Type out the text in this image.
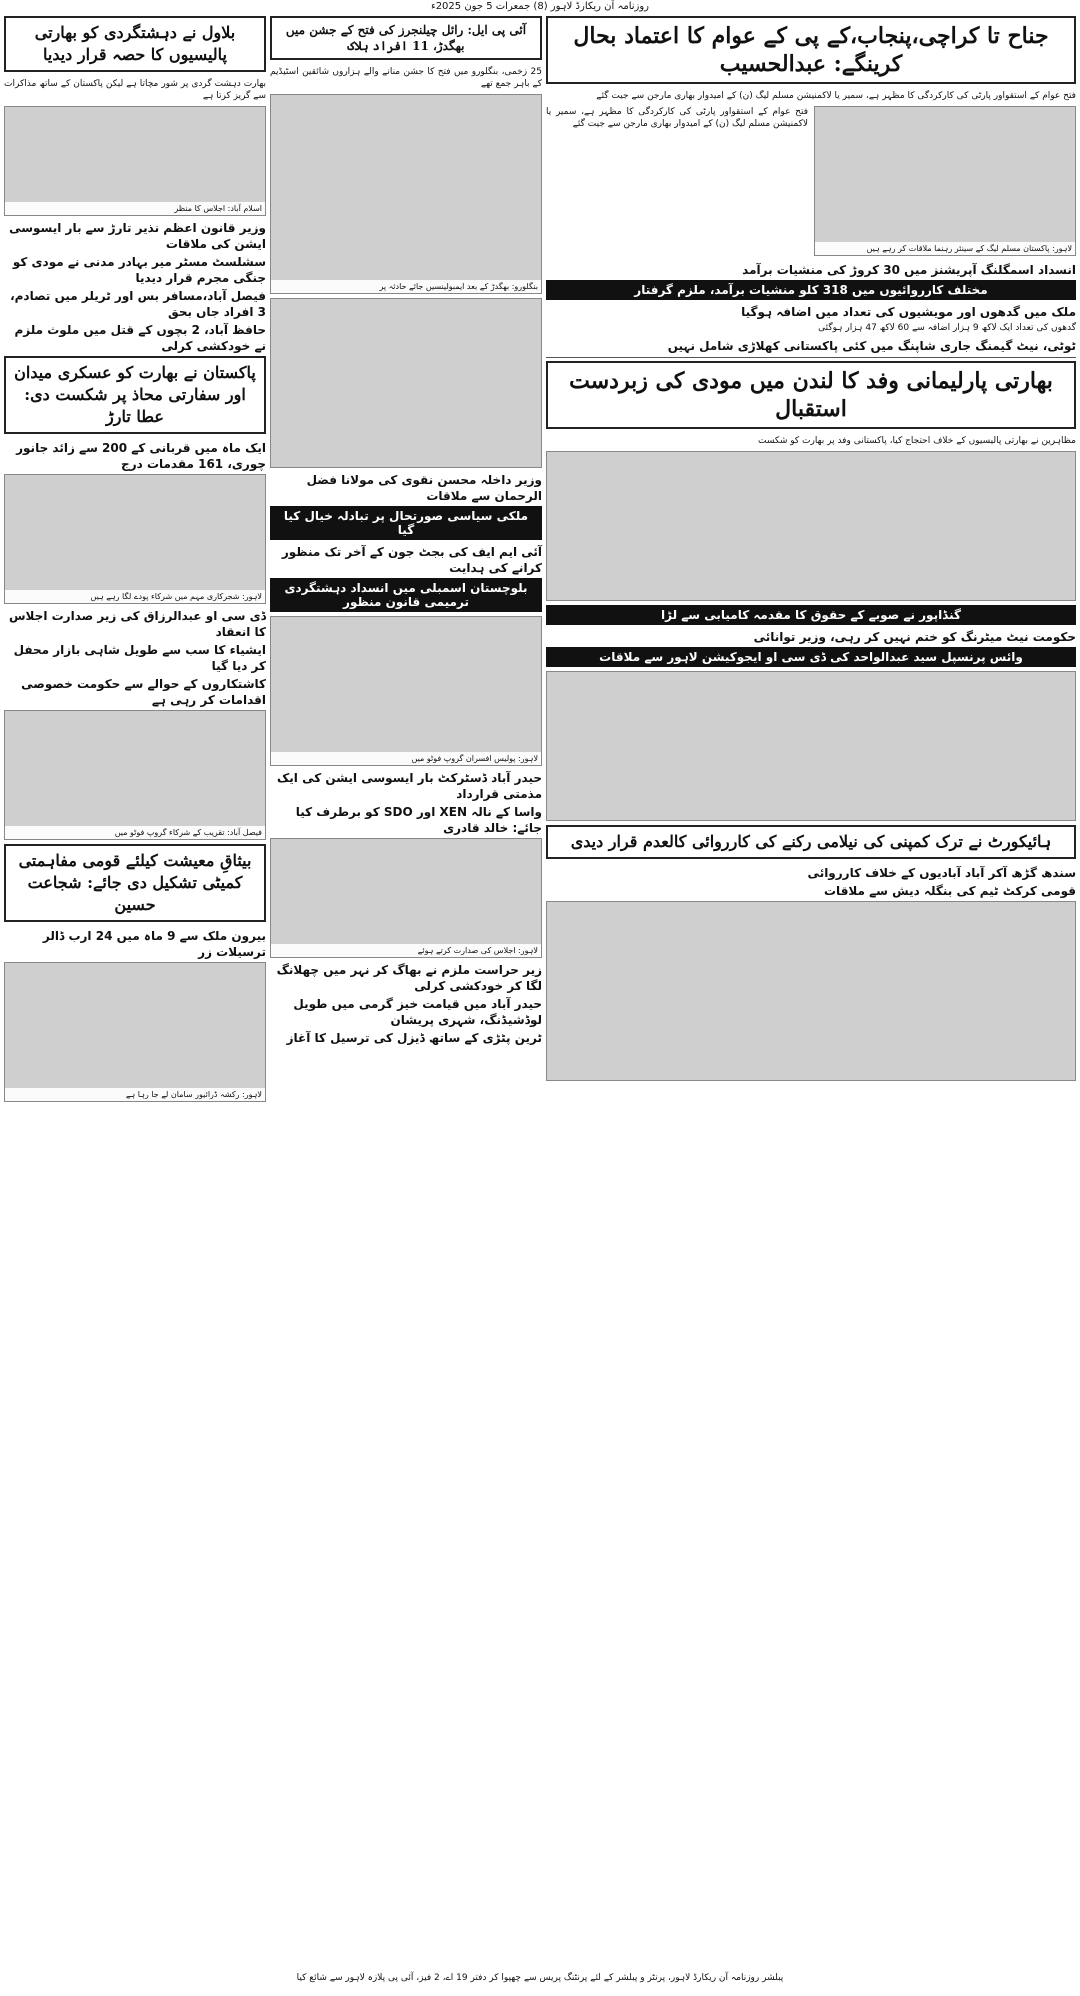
روزنامہ آن ریکارڈ لاہور (8) جمعرات 5 جون 2025ء
جناح تا کراچی،پنجاب،کے پی کے عوام کا اعتماد بحال کرینگے: عبدالحسیب
فتح عوام کے استقواور پارٹی کی کارکردگی کا مظہر ہے، سمیر یا لاکمنیشن مسلم لیگ (ن) کے امیدوار بھاری مارجن سے جیت گئے
لاہور: پاکستان مسلم لیگ کے سینئر رہنما ملاقات کر رہے ہیں
فتح عوام کے استقواور پارٹی کی کارکردگی کا مظہر ہے، سمیر یا لاکمنیشن مسلم لیگ (ن) کے امیدوار بھاری مارجن سے جیت گئے
انسداد اسمگلنگ آپریشنز میں 30 کروڑ کی منشیات برآمد
مختلف کارروائیوں میں 318 کلو منشیات برآمد، ملزم گرفتار
ملک میں گدھوں اور مویشیوں کی تعداد میں اضافہ ہوگیا
گدھوں کی تعداد ایک لاکھ 9 ہزار اضافہ سے 60 لاکھ 47 ہزار ہوگئی
ٹوٹی، نیٹ گیمنگ جاری شاپنگ میں کئی پاکستانی کھلاڑی شامل نہیں
بھارتی پارلیمانی وفد کا لندن میں مودی کی زبردست استقبال
مظاہرین نے بھارتی پالیسیوں کے خلاف احتجاج کیا، پاکستانی وفد پر بھارت کو شکست
گنڈاپور نے صوبے کے حقوق کا مقدمہ کامیابی سے لڑا
حکومت نیٹ میٹرنگ کو ختم نہیں کر رہی، وزیر توانائی
وائس پرنسپل سید عبدالواحد کی ڈی سی او ایجوکیشن لاہور سے ملاقات
ہائیکورٹ نے ترک کمپنی کی نیلامی رکنے کی کارروائی کالعدم قرار دیدی
سندھ گڑھ آکر آباد آبادیوں کے خلاف کارروائی
قومی کرکٹ ٹیم کی بنگلہ دیش سے ملاقات
آئی پی ایل: رائل چیلنجرز کی فتح کے جشن میں بھگدڑ، 11 افراد ہلاک
25 زخمی، بنگلورو میں فتح کا جشن منانے والے ہزاروں شائقین اسٹیڈیم کے باہر جمع تھے
بنگلورو: بھگدڑ کے بعد ایمبولینسیں جائے حادثہ پر
وزیر داخلہ محسن نقوی کی مولانا فضل الرحمان سے ملاقات
ملکی سیاسی صورتحال پر تبادلہ خیال کیا گیا
آئی ایم ایف کی بجٹ جون کے آخر تک منظور کرانے کی ہدایت
بلوچستان اسمبلی میں انسداد دہشتگردی ترمیمی قانون منظور
لاہور: پولیس افسران گروپ فوٹو میں
حیدر آباد ڈسٹرکٹ بار ایسوسی ایشن کی ایک مذمتی قرارداد
واسا کے نالہ XEN اور SDO کو برطرف کیا جائے: خالد قادری
لاہور: اجلاس کی صدارت کرتے ہوئے
زیر حراست ملزم نے بھاگ کر نہر میں چھلانگ لگا کر خودکشی کرلی
حیدر آباد میں قیامت خیز گرمی میں طویل لوڈشیڈنگ، شہری پریشان
ٹرین پٹڑی کے ساتھ ڈیزل کی ترسیل کا آغاز
بلاول نے دہشتگردی کو بھارتی پالیسیوں کا حصہ قرار دیدیا
بھارت دہشت گردی پر شور مچاتا ہے لیکن پاکستان کے ساتھ مذاکرات سے گریز کرتا ہے
اسلام آباد: اجلاس کا منظر
وزیر قانون اعظم نذیر تارڑ سے بار ایسوسی ایشن کی ملاقات
سشلسٹ مسٹر میر بہادر مدنی نے مودی کو جنگی مجرم قرار دیدیا
فیصل آباد،مسافر بس اور ٹریلر میں تصادم، 3 افراد جاں بحق
حافظ آباد، 2 بچوں کے قتل میں ملوث ملزم نے خودکشی کرلی
پاکستان نے بھارت کو عسکری میدان اور سفارتی محاذ پر شکست دی: عطا تارڑ
ایک ماہ میں قربانی کے 200 سے زائد جانور چوری، 161 مقدمات درج
لاہور: شجرکاری مہم میں شرکاء پودے لگا رہے ہیں
ڈی سی او عبدالرزاق کی زیر صدارت اجلاس کا انعقاد
ایشیاء کا سب سے طویل شاہی بازار محفل کر دیا گیا
کاشتکاروں کے حوالے سے حکومت خصوصی اقدامات کر رہی ہے
فیصل آباد: تقریب کے شرکاء گروپ فوٹو میں
بیثاقِ معیشت کیلئے قومی مفاہمتی کمیٹی تشکیل دی جائے: شجاعت حسین
بیرون ملک سے 9 ماہ میں 24 ارب ڈالر ترسیلات زر
لاہور: رکشہ ڈرائیور سامان لے جا رہا ہے
پبلشر روزنامہ آن ریکارڈ لاہور، پرنٹر و پبلشر کے لئے پرنٹنگ پریس سے چھپوا کر دفتر 19 اے، 2 فیز، آئی پی پلازہ لاہور سے شائع کیا
